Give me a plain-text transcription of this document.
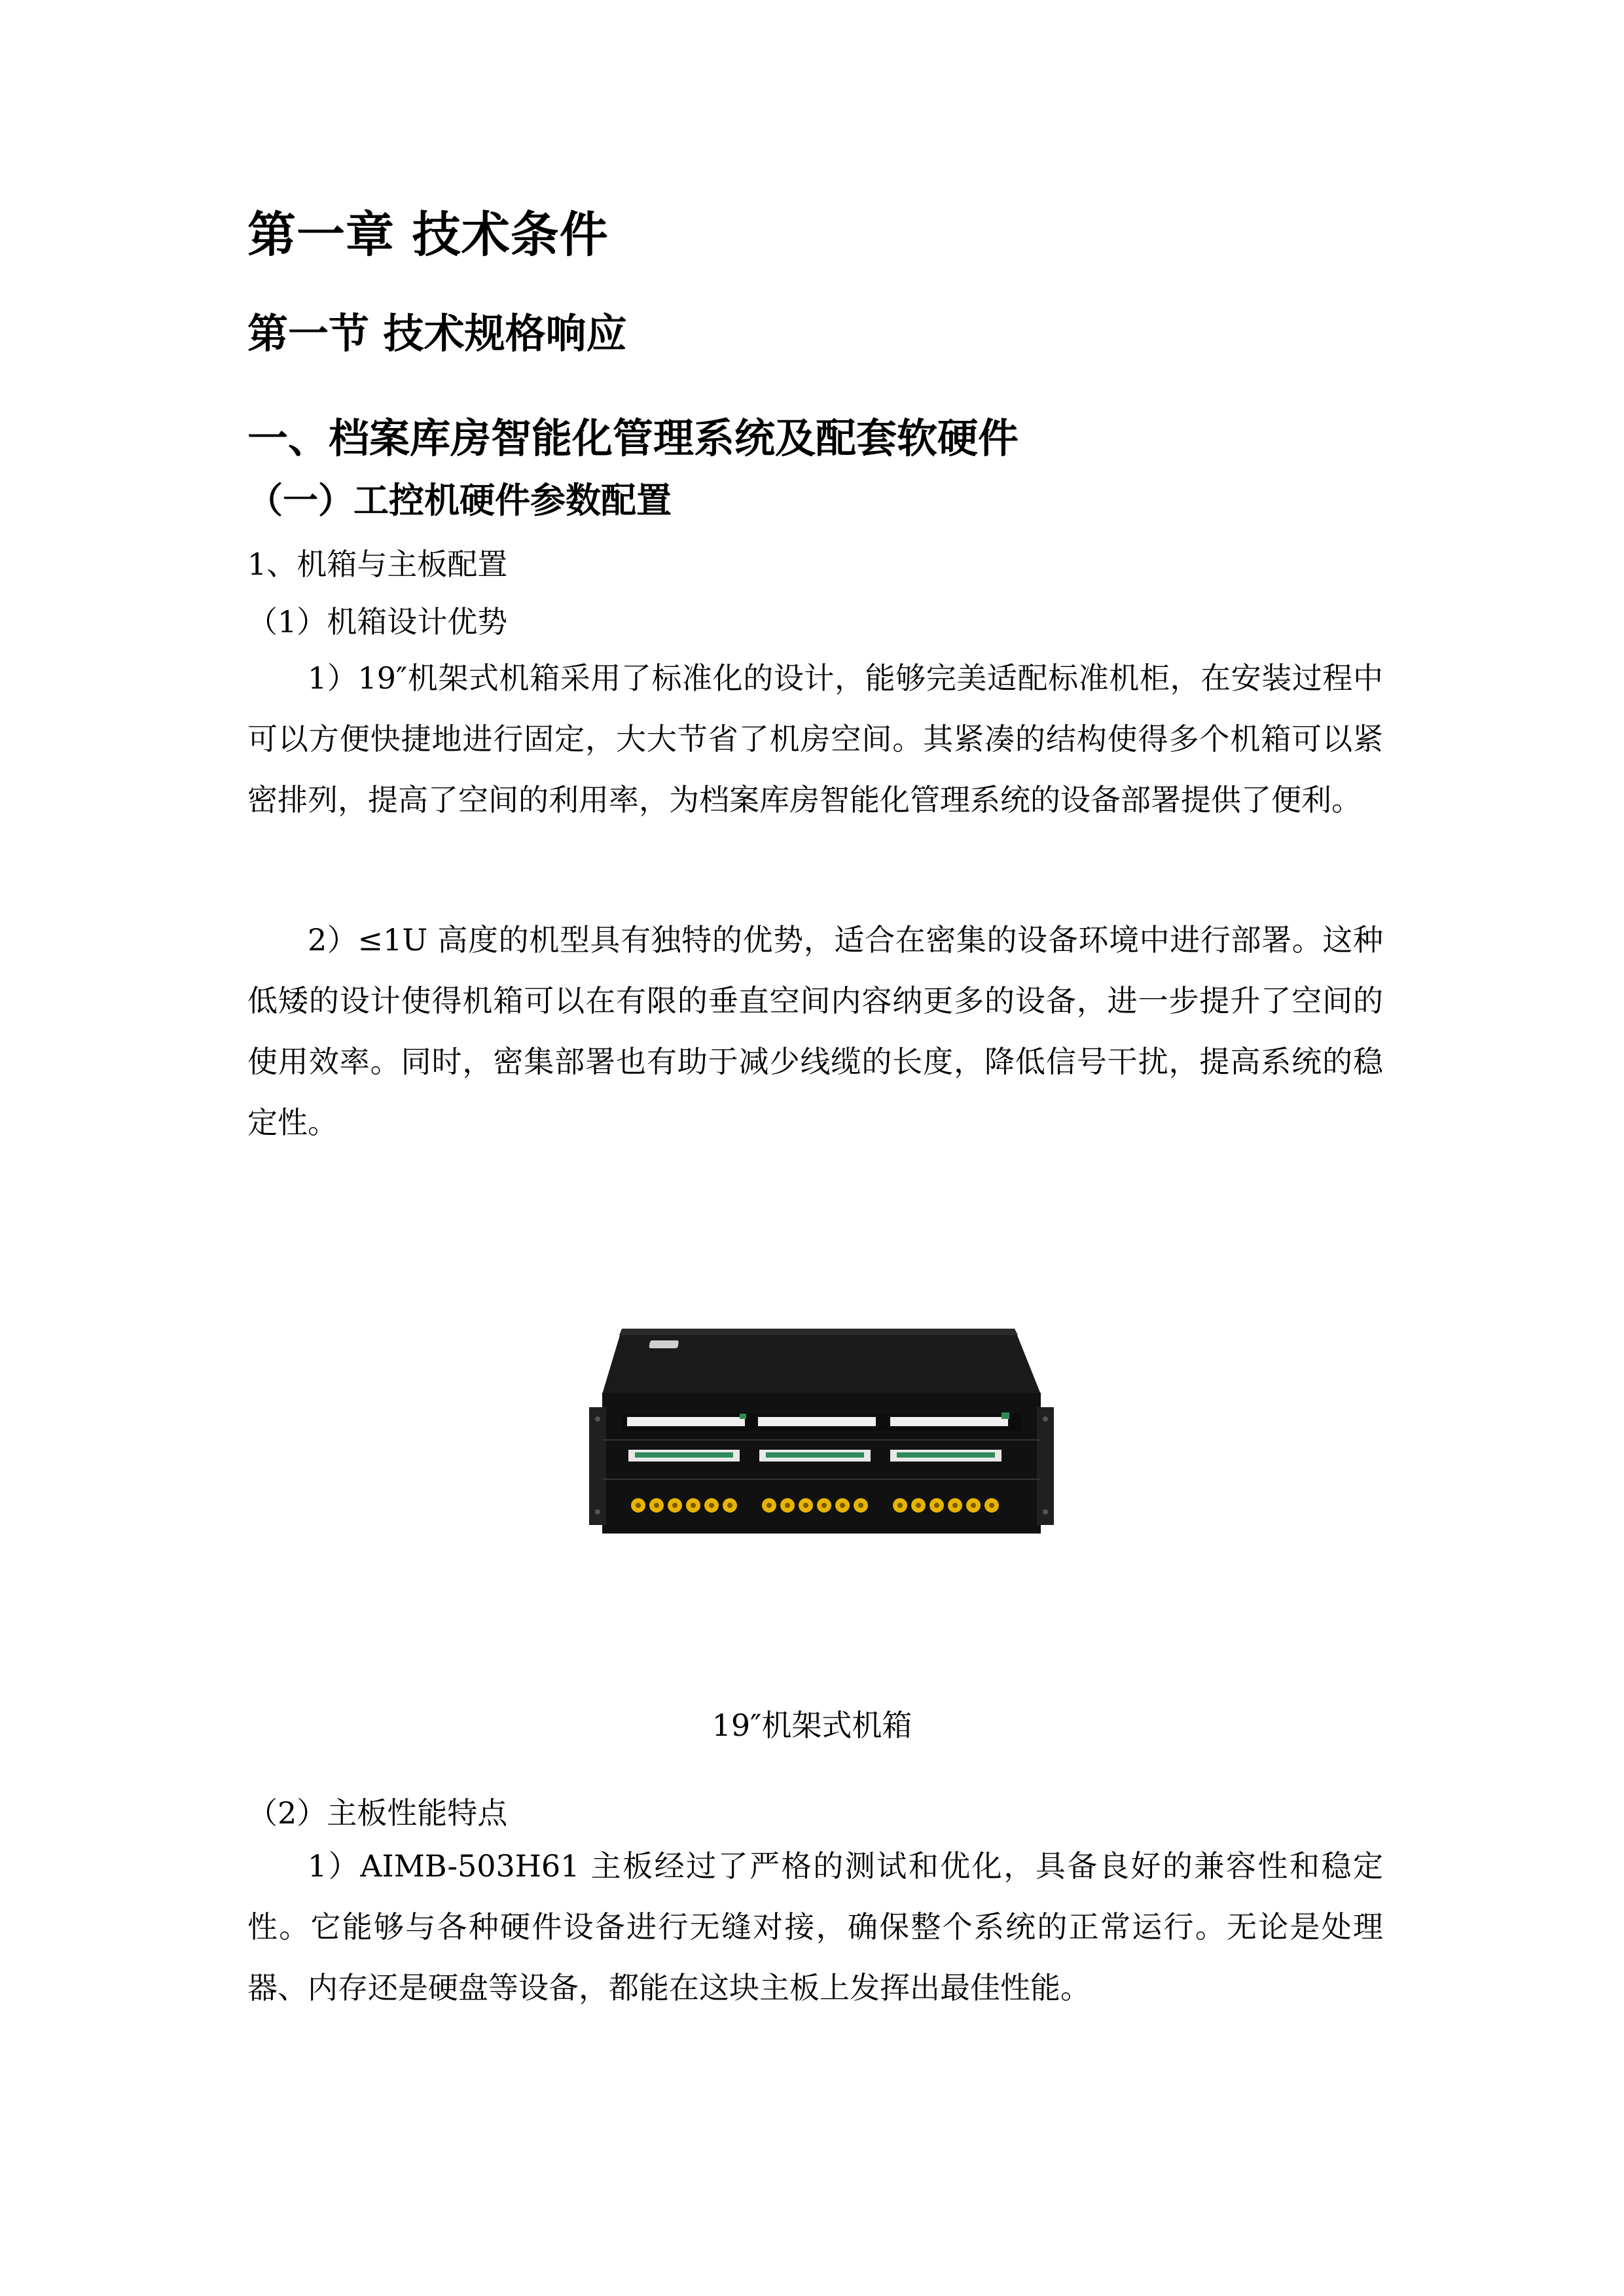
第一章 技术条件
第一节 技术规格响应
一、档案库房智能化管理系统及配套软硬件
（一）工控机硬件参数配置

1、机箱与主板配置

（1）机箱设计优势

1）19″机架式机箱采用了标准化的设计，能够完美适配标准机柜，在安装过程中可以方便快捷地进行固定，大大节省了机房空间。其紧凑的结构使得多个机箱可以紧密排列，提高了空间的利用率，为档案库房智能化管理系统的设备部署提供了便利。

2）≤1U 高度的机型具有独特的优势，适合在密集的设备环境中进行部署。这种低矮的设计使得机箱可以在有限的垂直空间内容纳更多的设备，进一步提升了空间的使用效率。同时，密集部署也有助于减少线缆的长度，降低信号干扰，提高系统的稳定性。

19″机架式机箱

（2）主板性能特点

1）AIMB-503H61 主板经过了严格的测试和优化，具备良好的兼容性和稳定性。它能够与各种硬件设备进行无缝对接，确保整个系统的正常运行。无论是处理器、内存还是硬盘等设备，都能在这块主板上发挥出最佳性能。
